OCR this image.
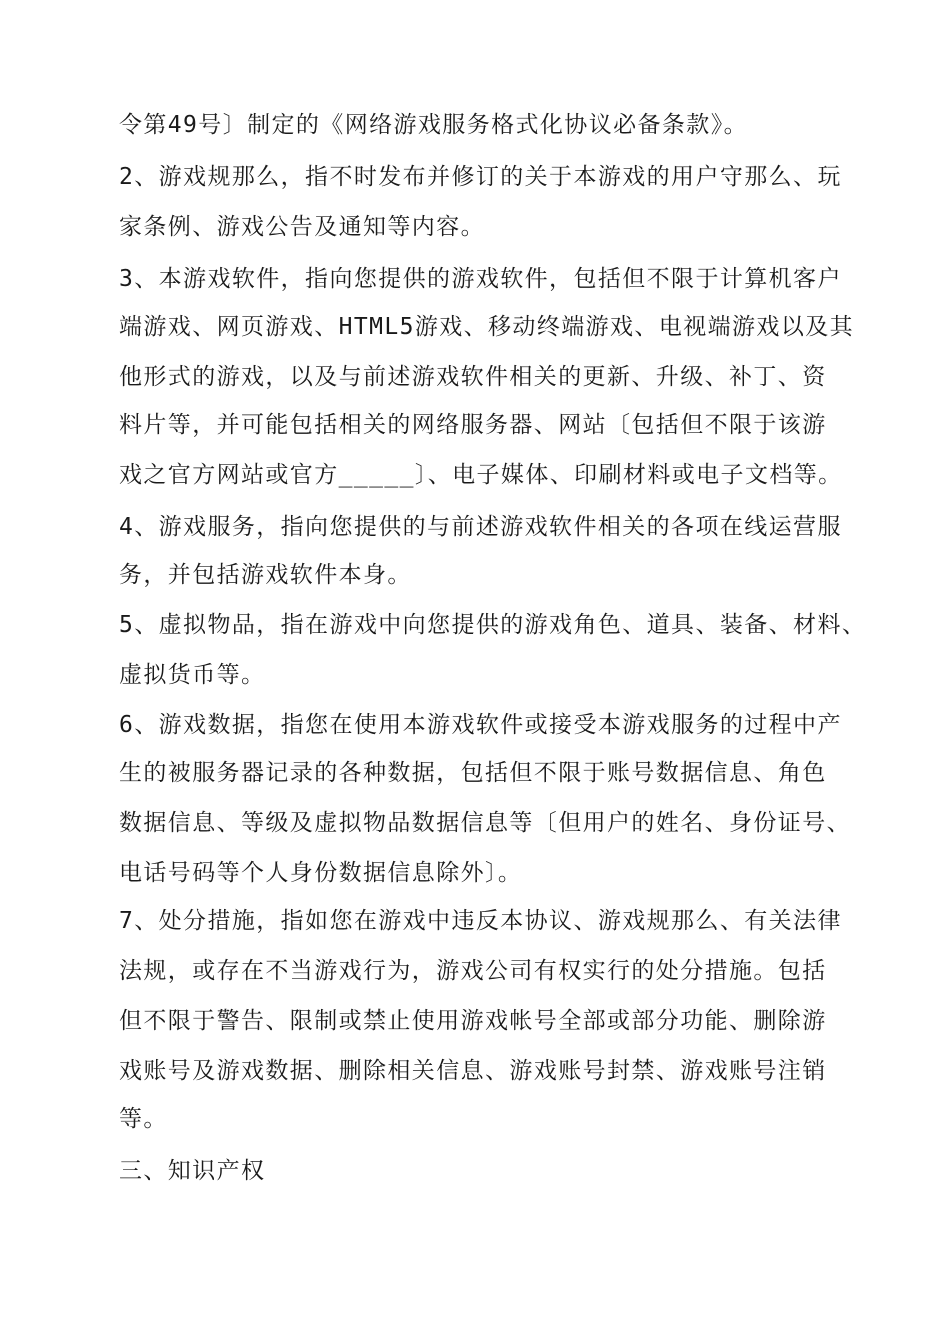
令第49号〕制定的《网络游戏服务格式化协议必备条款》。
2、游戏规那么，指不时发布并修订的关于本游戏的用户守那么、玩
家条例、游戏公告及通知等内容。
3、本游戏软件，指向您提供的游戏软件，包括但不限于计算机客户
端游戏、网页游戏、HTML5游戏、移动终端游戏、电视端游戏以及其
他形式的游戏，以及与前述游戏软件相关的更新、升级、补丁、资
料片等，并可能包括相关的网络服务器、网站〔包括但不限于该游
戏之官方网站或官方_____〕、电子媒体、印刷材料或电子文档等。
4、游戏服务，指向您提供的与前述游戏软件相关的各项在线运营服
务，并包括游戏软件本身。
5、虚拟物品，指在游戏中向您提供的游戏角色、道具、装备、材料、
虚拟货币等。
6、游戏数据，指您在使用本游戏软件或接受本游戏服务的过程中产
生的被服务器记录的各种数据，包括但不限于账号数据信息、角色
数据信息、等级及虚拟物品数据信息等〔但用户的姓名、身份证号、
电话号码等个人身份数据信息除外〕。
7、处分措施，指如您在游戏中违反本协议、游戏规那么、有关法律
法规，或存在不当游戏行为，游戏公司有权实行的处分措施。包括
但不限于警告、限制或禁止使用游戏帐号全部或部分功能、删除游
戏账号及游戏数据、删除相关信息、游戏账号封禁、游戏账号注销
等。
三、知识产权
